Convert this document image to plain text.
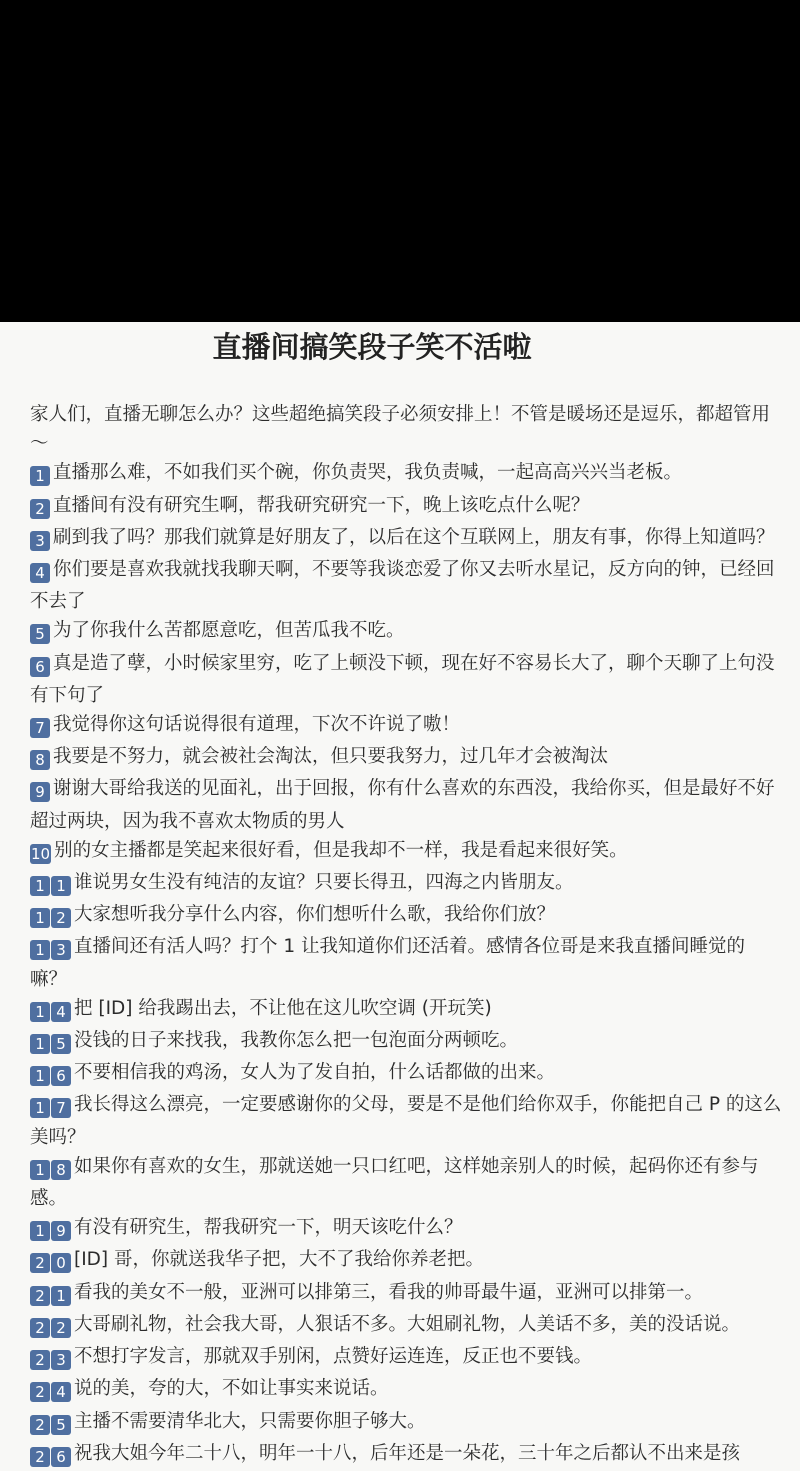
直播间搞笑段子笑不活啦
家人们，直播无聊怎么办？这些超绝搞笑段子必须安排上！不管是暖场还是逗乐，都超管用～
1 直播那么难，不如我们买个碗，你负责哭，我负责喊，一起高高兴兴当老板。
2 直播间有没有研究生啊，帮我研究研究一下，晚上该吃点什么呢？
3 刷到我了吗？那我们就算是好朋友了，以后在这个互联网上，朋友有事，你得上知道吗？
4 你们要是喜欢我就找我聊天啊，不要等我谈恋爱了你又去听水星记，反方向的钟，已经回不去了
5 为了你我什么苦都愿意吃，但苦瓜我不吃。
6 真是造了孽，小时候家里穷，吃了上顿没下顿，现在好不容易长大了，聊个天聊了上句没有下句了
7 我觉得你这句话说得很有道理，下次不许说了嗷！
8 我要是不努力，就会被社会淘汰，但只要我努力，过几年才会被淘汰
9 谢谢大哥给我送的见面礼，出于回报，你有什么喜欢的东西没，我给你买，但是最好不好超过两块，因为我不喜欢太物质的男人
10 别的女主播都是笑起来很好看，但是我却不一样，我是看起来很好笑。
1 1 谁说男女生没有纯洁的友谊？只要长得丑，四海之内皆朋友。
1 2 大家想听我分享什么内容，你们想听什么歌，我给你们放？
1 3 直播间还有活人吗？打个 1 让我知道你们还活着。感情各位哥是来我直播间睡觉的嘛？
1 4 把 [ID] 给我踢出去，不让他在这儿吹空调 (开玩笑)
1 5 没钱的日子来找我，我教你怎么把一包泡面分两顿吃。
1 6 不要相信我的鸡汤，女人为了发自拍，什么话都做的出来。
1 7 我长得这么漂亮，一定要感谢你的父母，要是不是他们给你双手，你能把自己 P 的这么美吗？
1 8 如果你有喜欢的女生，那就送她一只口红吧，这样她亲别人的时候，起码你还有参与感。
1 9 有没有研究生，帮我研究一下，明天该吃什么？
2 0 [ID] 哥，你就送我华子把，大不了我给你养老把。
2 1 看我的美女不一般，亚洲可以排第三，看我的帅哥最牛逼，亚洲可以排第一。
2 2 大哥刷礼物，社会我大哥，人狠话不多。大姐刷礼物，人美话不多，美的没话说。
2 3 不想打字发言，那就双手别闲，点赞好运连连，反正也不要钱。
2 4 说的美，夸的大，不如让事实来说话。
2 5 主播不需要清华北大，只需要你胆子够大。
2 6 祝我大姐今年二十八，明年一十八，后年还是一朵花，三十年之后都认不出来是孩
